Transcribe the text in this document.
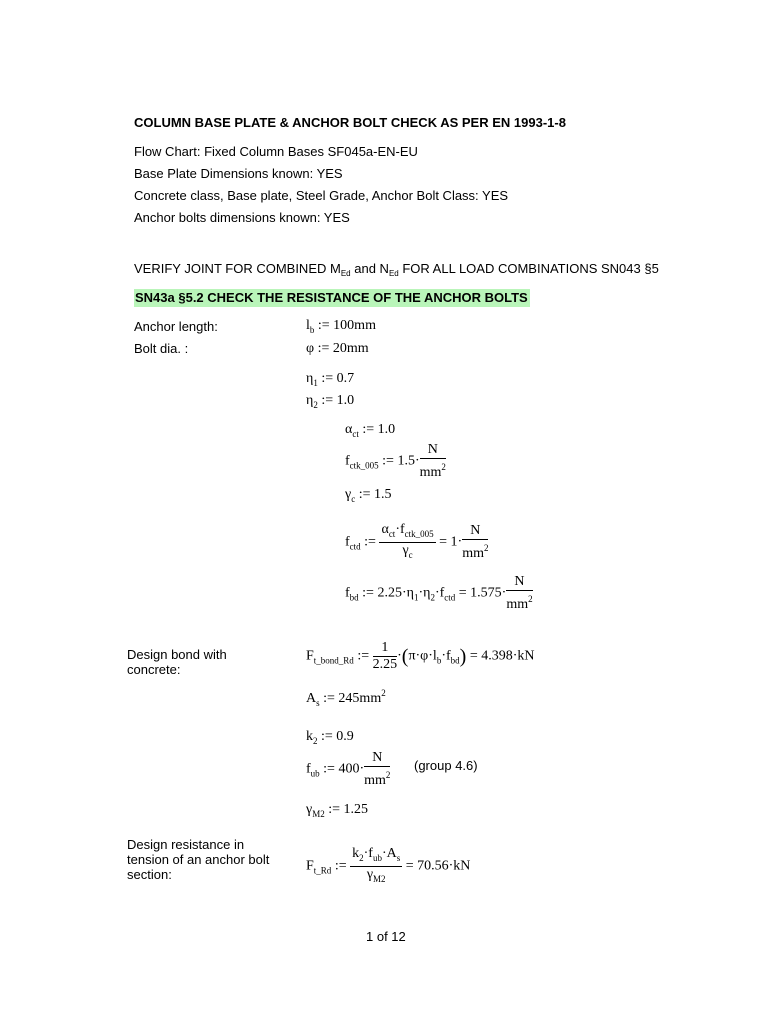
COLUMN BASE PLATE & ANCHOR BOLT CHECK AS PER EN 1993-1-8
Flow Chart: Fixed Column Bases SF045a-EN-EU
Base Plate Dimensions known: YES
Concrete class, Base plate, Steel Grade, Anchor Bolt Class: YES
Anchor bolts dimensions known: YES
VERIFY JOINT FOR COMBINED $M_{Ed}$ and $N_{Ed}$ FOR ALL LOAD COMBINATIONS SN043 §5
SN43a §5.2 CHECK THE RESISTANCE OF THE ANCHOR BOLTS
Anchor length:
Bolt dia. :
Design bond with
concrete:
Design resistance in
tension of an anchor bolt
section:
$l_b$ := 100mm
φ := 20mm
$\eta_1$ := 0.7
$\eta_2$ := 1.0
$\alpha_{ct}$ := 1.0
$f_{ctk\_005}$ := $1.5\cdot \frac{N}{mm^2}$
$\gamma_c$ := 1.5
$f_{ctd}$ := $\frac{\alpha_{ct}\cdot f_{ctk\_005}}{\gamma_c} = 1\cdot \frac{N}{mm^2}$
$f_{bd}$ := $2.25\cdot\eta_1\cdot\eta_2\cdot f_{ctd} = 1.575\cdot \frac{N}{mm^2}$
$F_{t\_bond\_Rd}$ := $\frac{1}{2.25} \cdot(\pi\cdot\varphi\cdot l_b\cdot f_{bd}) = 4.398\cdot kN$
$A_s$ := $245mm^2$
$k_2$ := 0.9
$f_{ub}$ := $400\cdot \frac{N}{mm^2}$ (group 4.6)
$\gamma_{M2}$ := 1.25
$F_{t\_Rd}$ := $\frac{k_2\cdot f_{ub}\cdot A_s}{\gamma_{M2}} = 70.56\cdot kN$
1 of 12
